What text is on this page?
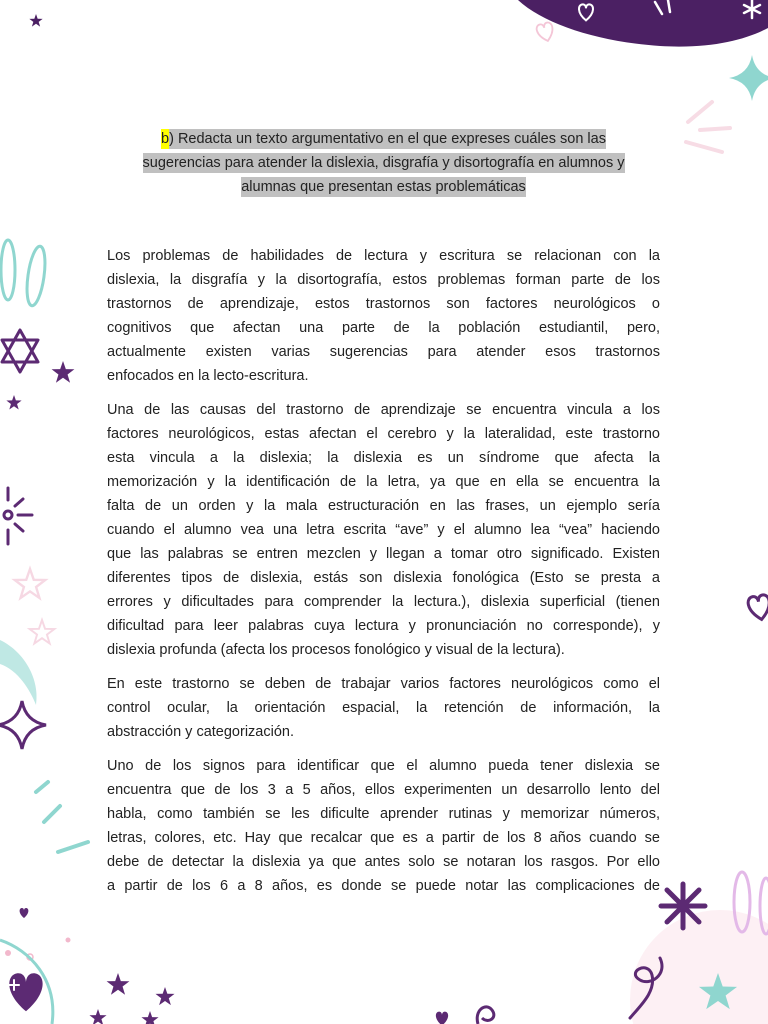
b) Redacta un texto argumentativo en el que expreses cuáles son las
sugerencias para atender la dislexia, disgrafía y disortografía en alumnos y
alumnas que presentan estas problemáticas
Los problemas de habilidades de lectura y escritura se relacionan con la
dislexia, la disgrafía y la disortografía, estos problemas forman parte de los
trastornos de aprendizaje, estos trastornos son factores neurológicos o
cognitivos que afectan una parte de la población estudiantil, pero,
actualmente existen varias sugerencias para atender esos trastornos
enfocados en la lecto-escritura.
Una de las causas del trastorno de aprendizaje se encuentra vincula a los
factores neurológicos, estas afectan el cerebro y la lateralidad, este trastorno
esta vincula a la dislexia; la dislexia es un síndrome que afecta la
memorización y la identificación de la letra, ya que en ella se encuentra la
falta de un orden y la mala estructuración en las frases, un ejemplo sería
cuando el alumno vea una letra escrita “ave” y el alumno lea “vea” haciendo
que las palabras se entren mezclen y llegan a tomar otro significado. Existen
diferentes tipos de dislexia, estás son dislexia fonológica (Esto se presta a
errores y dificultades para comprender la lectura.), dislexia superficial (tienen
dificultad para leer palabras cuya lectura y pronunciación no corresponde), y
dislexia profunda (afecta los procesos fonológico y visual de la lectura).
En este trastorno se deben de trabajar varios factores neurológicos como el
control ocular, la orientación espacial, la retención de información, la
abstracción y categorización.
Uno de los signos para identificar que el alumno pueda tener dislexia se
encuentra que de los 3 a 5 años, ellos experimenten un desarrollo lento del
habla, como también se les dificulte aprender rutinas y memorizar números,
letras, colores, etc. Hay que recalcar que es a partir de los 8 años cuando se
debe de detectar la dislexia ya que antes solo se notaran los rasgos. Por ello
a partir de los 6 a 8 años, es donde se puede notar las complicaciones de
